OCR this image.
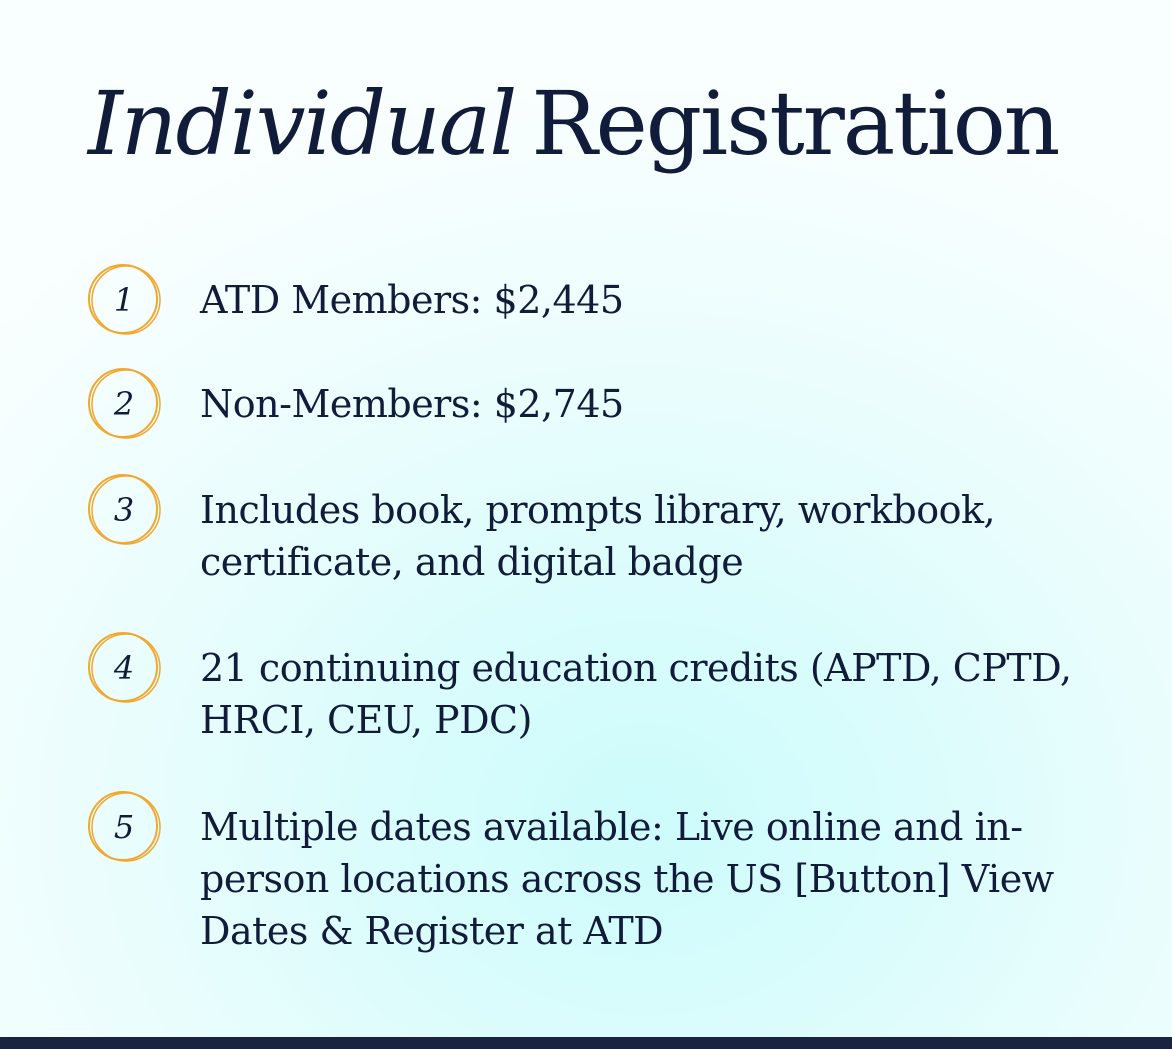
Individual Registration
1	ATD Members: $2,445

2	Non-Members: $2,745

3	Includes book, prompts library, workbook, certificate, and digital badge

4	21 continuing education credits (APTD, CPTD, HRCI, CEU, PDC)

5	Multiple dates available: Live online and in-person locations across the US [Button] View Dates & Register at ATD
